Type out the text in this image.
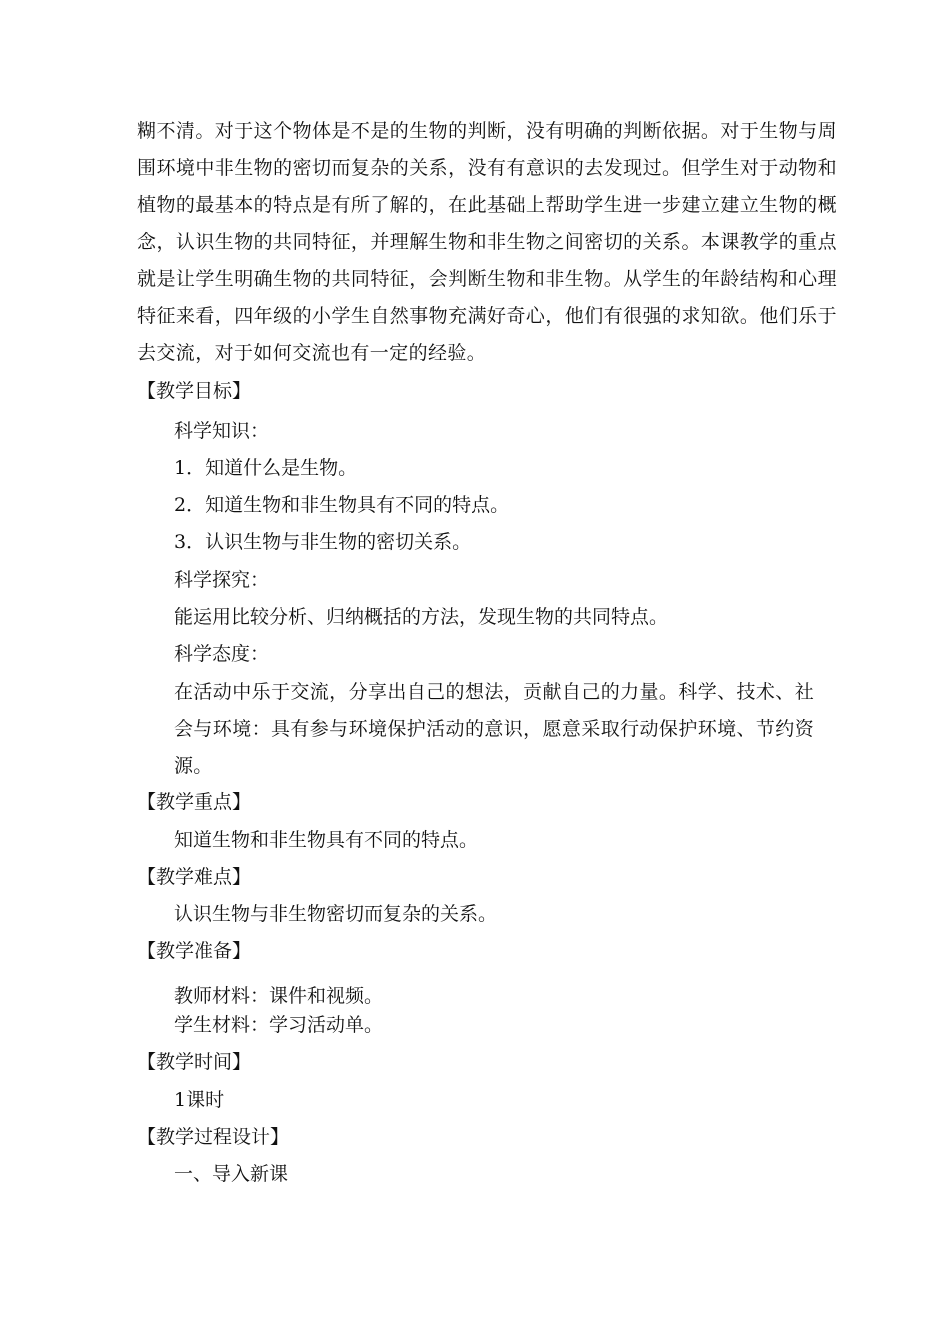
糊不清。对于这个物体是不是的生物的判断，没有明确的判断依据。对于生物与周围环境中非生物的密切而复杂的关系，没有有意识的去发现过。但学生对于动物和植物的最基本的特点是有所了解的，在此基础上帮助学生进一步建立建立生物的概念，认识生物的共同特征，并理解生物和非生物之间密切的关系。本课教学的重点就是让学生明确生物的共同特征，会判断生物和非生物。从学生的年龄结构和心理特征来看，四年级的小学生自然事物充满好奇心，他们有很强的求知欲。他们乐于去交流，对于如何交流也有一定的经验。
【教学目标】
科学知识：
1．知道什么是生物。
2．知道生物和非生物具有不同的特点。
3．认识生物与非生物的密切关系。
科学探究：
能运用比较分析、归纳概括的方法，发现生物的共同特点。
科学态度：
在活动中乐于交流，分享出自己的想法，贡献自己的力量。科学、技术、社会与环境：具有参与环境保护活动的意识，愿意采取行动保护环境、节约资源。
【教学重点】
知道生物和非生物具有不同的特点。
【教学难点】
认识生物与非生物密切而复杂的关系。
【教学准备】
教师材料：课件和视频。
学生材料：学习活动单。
【教学时间】
1课时
【教学过程设计】
一、导入新课
